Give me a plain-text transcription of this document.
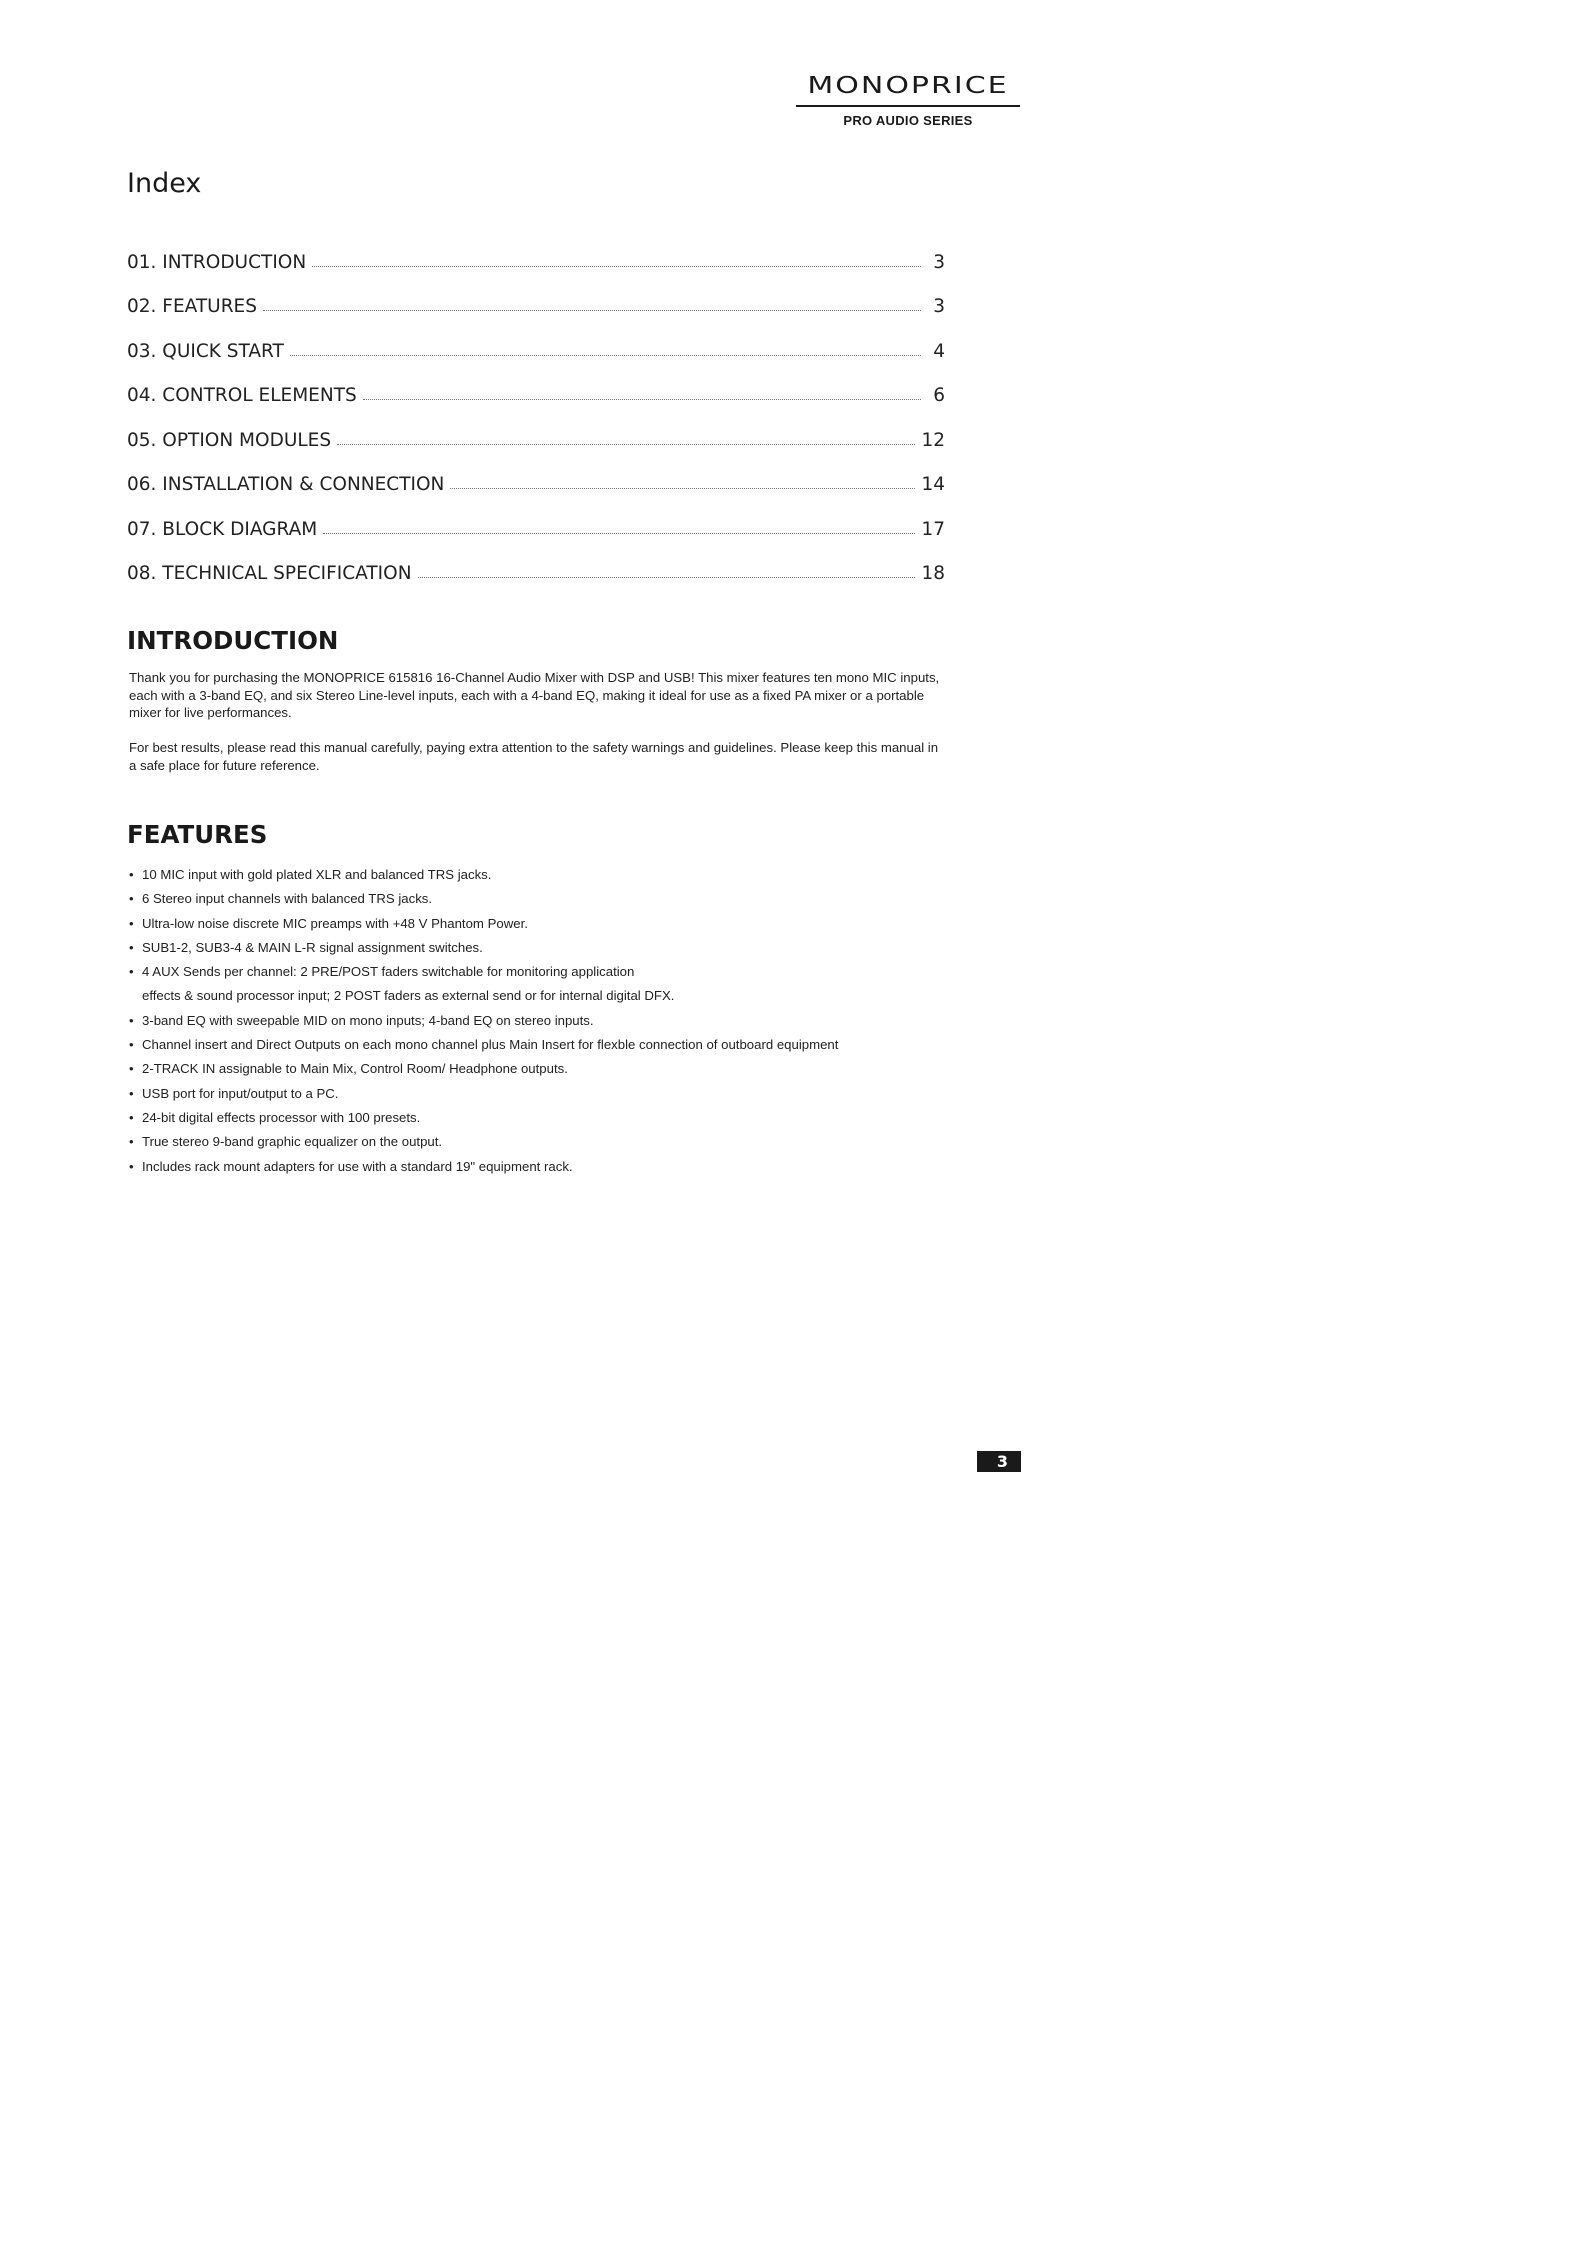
MONOPRICE
PRO AUDIO SERIES
Index
01. INTRODUCTION	3
02. FEATURES	3
03. QUICK START	4
04. CONTROL ELEMENTS	6
05. OPTION MODULES	12
06. INSTALLATION & CONNECTION	14
07. BLOCK DIAGRAM	17
08. TECHNICAL SPECIFICATION	18
INTRODUCTION

Thank you for purchasing the MONOPRICE 615816 16-Channel Audio Mixer with DSP and USB! This mixer features ten mono MIC inputs, each with a 3-band EQ, and six Stereo Line-level inputs, each with a 4-band EQ, making it ideal for use as a fixed PA mixer or a portable mixer for live performances.

For best results, please read this manual carefully, paying extra attention to the safety warnings and guidelines. Please keep this manual in a safe place for future reference.

FEATURES
• 10 MIC input with gold plated XLR and balanced TRS jacks.
• 6 Stereo input channels with balanced TRS jacks.
• Ultra-low noise discrete MIC preamps with +48 V Phantom Power.
• SUB1-2, SUB3-4 & MAIN L-R signal assignment switches.
• 4 AUX Sends per channel: 2 PRE/POST faders switchable for monitoring application
effects & sound processor input; 2 POST faders as external send or for internal digital DFX.
• 3-band EQ with sweepable MID on mono inputs; 4-band EQ on stereo inputs.
• Channel insert and Direct Outputs on each mono channel plus Main Insert for flexble connection of outboard equipment
• 2-TRACK IN assignable to Main Mix, Control Room/ Headphone outputs.
• USB port for input/output to a PC.
• 24-bit digital effects processor with 100 presets.
• True stereo 9-band graphic equalizer on the output.
• Includes rack mount adapters for use with a standard 19" equipment rack.
3
